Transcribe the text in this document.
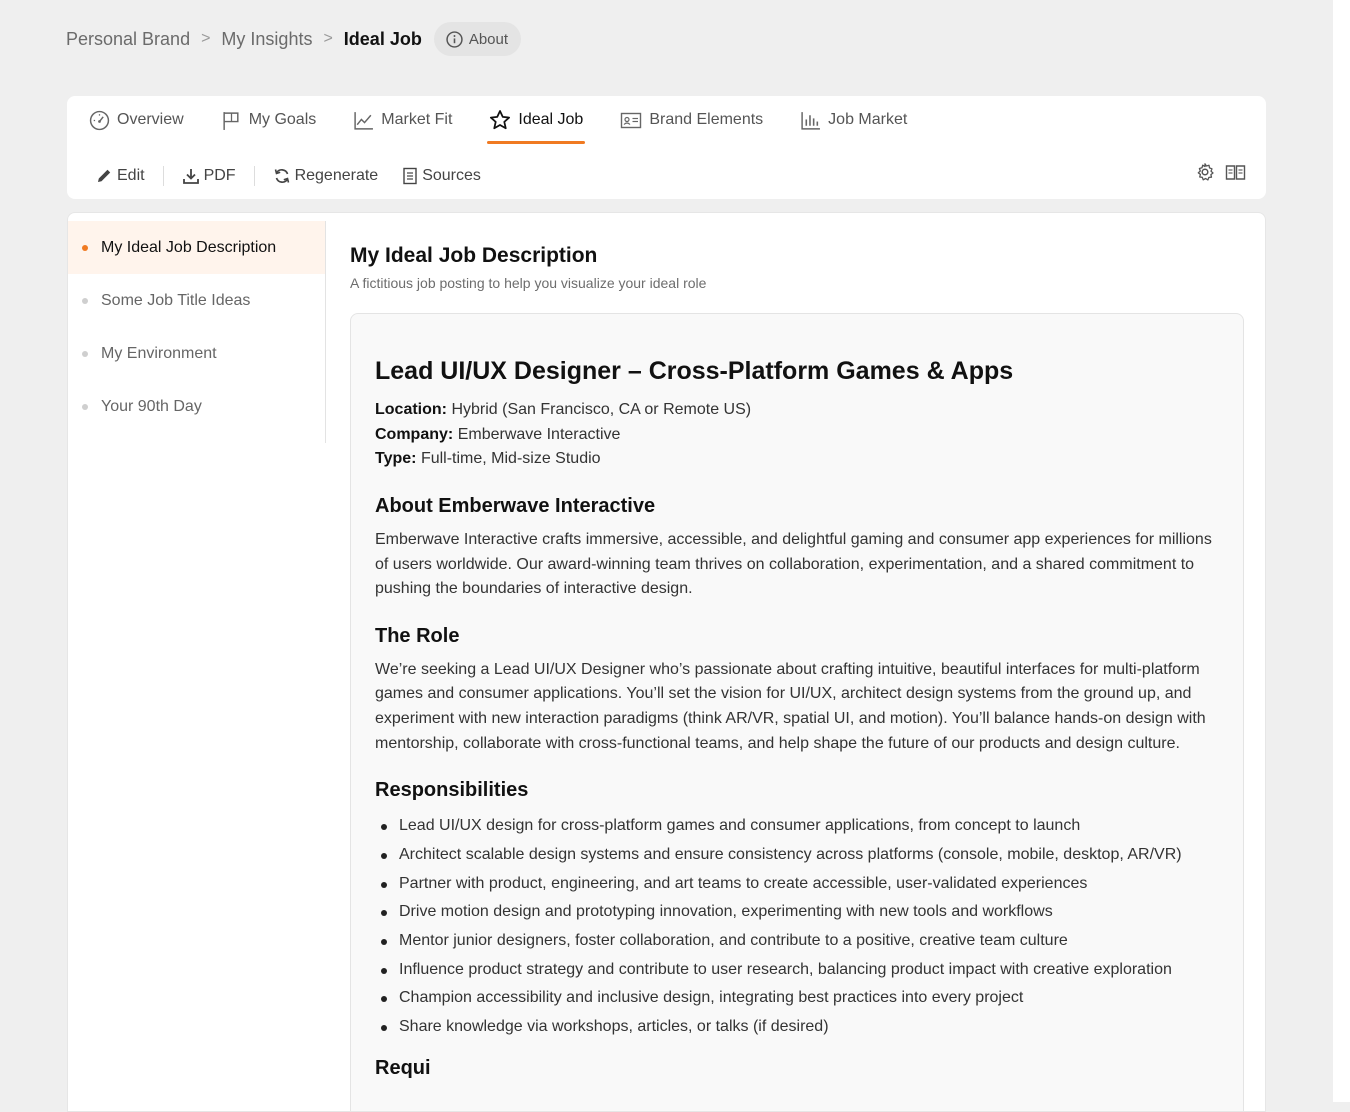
Personal Brand > My Insights > Ideal Job	About
Overview	My Goals	Market Fit	Ideal Job	Brand Elements	Job Market
Edit	PDF	Regenerate	Sources
My Ideal Job Description
Some Job Title Ideas
My Environment
Your 90th Day
My Ideal Job Description

A fictitious job posting to help you visualize your ideal role

Lead UI/UX Designer – Cross-Platform Games & Apps
Location: Hybrid (San Francisco, CA or Remote US)
Company: Emberwave Interactive
Type: Full-time, Mid-size Studio
About Emberwave Interactive

Emberwave Interactive crafts immersive, accessible, and delightful gaming and consumer app experiences for millions of users worldwide. Our award-winning team thrives on collaboration, experimentation, and a shared commitment to pushing the boundaries of interactive design.

The Role

We’re seeking a Lead UI/UX Designer who’s passionate about crafting intuitive, beautiful interfaces for multi-platform games and consumer applications. You’ll set the vision for UI/UX, architect design systems from the ground up, and experiment with new interaction paradigms (think AR/VR, spatial UI, and motion). You’ll balance hands-on design with mentorship, collaborate with cross-functional teams, and help shape the future of our products and design culture.

Responsibilities
Lead UI/UX design for cross-platform games and consumer applications, from concept to launch
Architect scalable design systems and ensure consistency across platforms (console, mobile, desktop, AR/VR)
Partner with product, engineering, and art teams to create accessible, user-validated experiences
Drive motion design and prototyping innovation, experimenting with new tools and workflows
Mentor junior designers, foster collaboration, and contribute to a positive, creative team culture
Influence product strategy and contribute to user research, balancing product impact with creative exploration
Champion accessibility and inclusive design, integrating best practices into every project
Share knowledge via workshops, articles, or talks (if desired)
Requi
